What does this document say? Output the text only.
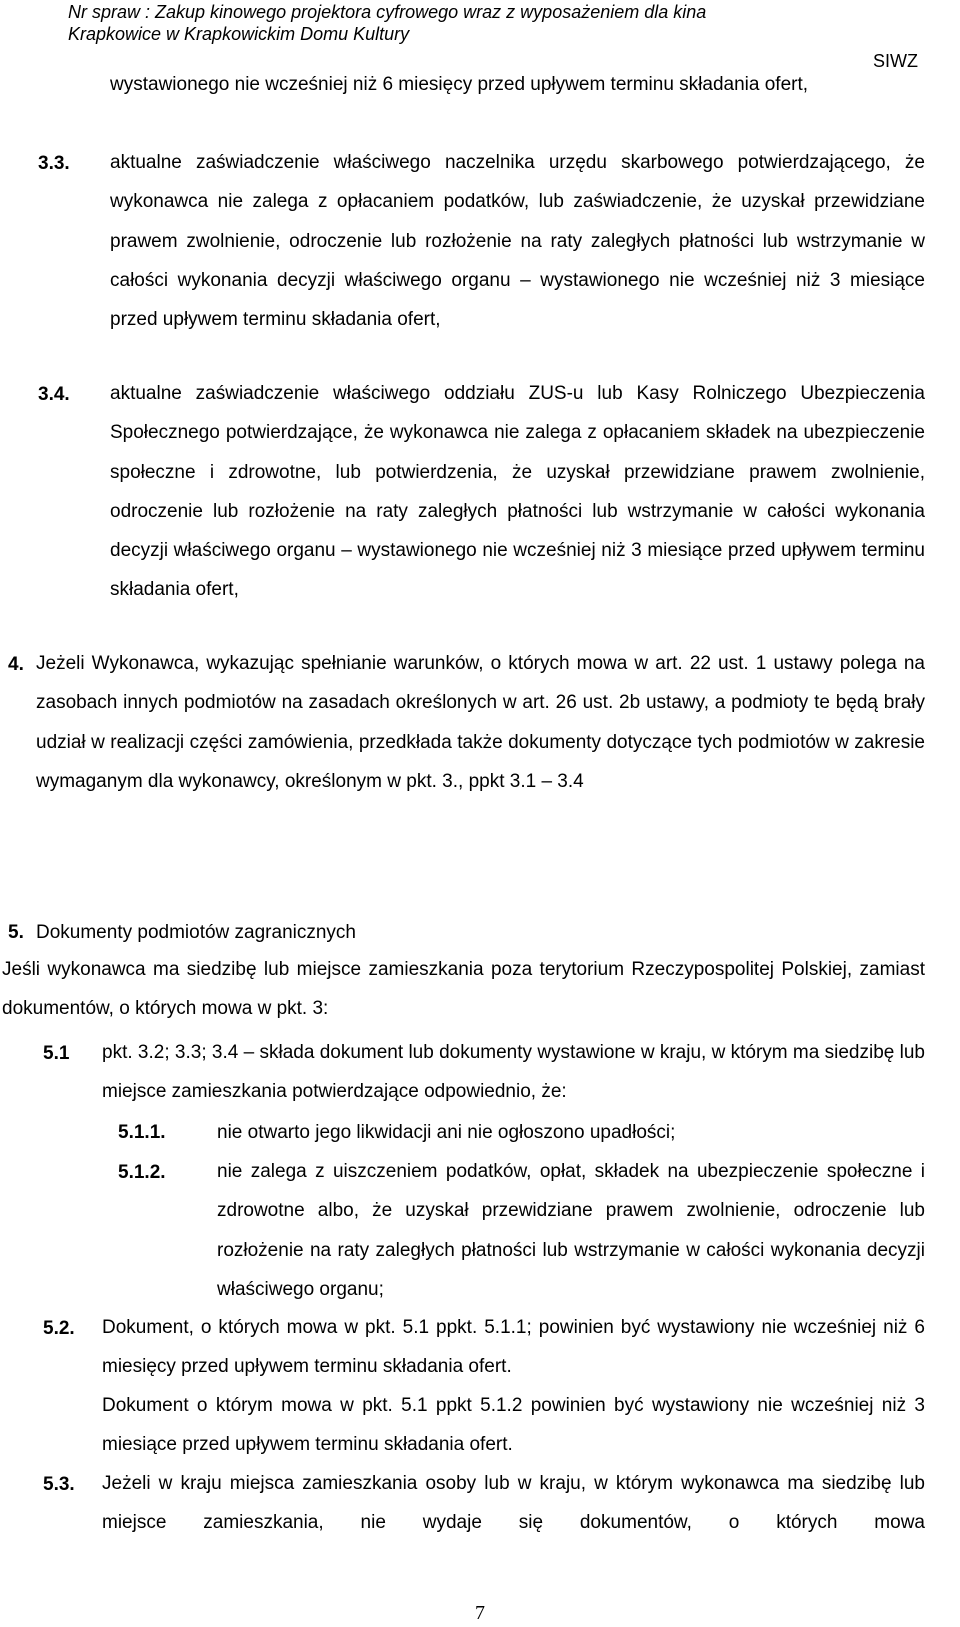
Nr spraw : Zakup kinowego projektora cyfrowego wraz z wyposażeniem dla kina
Krapkowice w Krapkowickim Domu Kultury
SIWZ
wystawionego nie wcześniej niż 6 miesięcy przed upływem terminu składania ofert,
3.3. aktualne zaświadczenie właściwego naczelnika urzędu skarbowego potwierdzającego, że wykonawca nie zalega z opłacaniem podatków, lub zaświadczenie, że uzyskał przewidziane prawem zwolnienie, odroczenie lub rozłożenie na raty zaległych płatności lub wstrzymanie w całości wykonania decyzji właściwego organu – wystawionego nie wcześniej niż 3 miesiące przed upływem terminu składania ofert,
3.4. aktualne zaświadczenie właściwego oddziału ZUS-u lub Kasy Rolniczego Ubezpieczenia Społecznego potwierdzające, że wykonawca nie zalega z opłacaniem składek na ubezpieczenie społeczne i zdrowotne, lub potwierdzenia, że uzyskał przewidziane prawem zwolnienie, odroczenie lub rozłożenie na raty zaległych płatności lub wstrzymanie w całości wykonania decyzji właściwego organu – wystawionego nie wcześniej niż 3 miesiące przed upływem terminu składania ofert,
4. Jeżeli Wykonawca, wykazując spełnianie warunków, o których mowa w art. 22 ust. 1 ustawy polega na zasobach innych podmiotów na zasadach określonych w art. 26 ust. 2b ustawy, a podmioty te będą brały udział w realizacji części zamówienia, przedkłada także dokumenty dotyczące tych podmiotów w zakresie wymaganym dla wykonawcy, określonym w pkt. 3., ppkt 3.1 – 3.4
5. Dokumenty podmiotów zagranicznych
Jeśli wykonawca ma siedzibę lub miejsce zamieszkania poza terytorium Rzeczypospolitej Polskiej, zamiast dokumentów, o których mowa w pkt. 3:
5.1 pkt. 3.2; 3.3; 3.4 – składa dokument lub dokumenty wystawione w kraju, w którym ma siedzibę lub miejsce zamieszkania potwierdzające odpowiednio, że:
5.1.1.	nie otwarto jego likwidacji ani nie ogłoszono upadłości;
5.1.2.	nie zalega z uiszczeniem podatków, opłat, składek na ubezpieczenie społeczne i zdrowotne albo, że uzyskał przewidziane prawem zwolnienie, odroczenie lub rozłożenie na raty zaległych płatności lub wstrzymanie w całości wykonania decyzji właściwego organu;
5.2. Dokument, o których mowa w pkt. 5.1 ppkt. 5.1.1; powinien być wystawiony nie wcześniej niż 6 miesięcy przed upływem terminu składania ofert.
Dokument o którym mowa w pkt. 5.1 ppkt 5.1.2 powinien być wystawiony nie wcześniej niż 3 miesiące przed upływem terminu składania ofert.
5.3. Jeżeli w kraju miejsca zamieszkania osoby lub w kraju, w którym wykonawca ma siedzibę lub miejsce zamieszkania, nie wydaje się dokumentów, o których mowa
7
